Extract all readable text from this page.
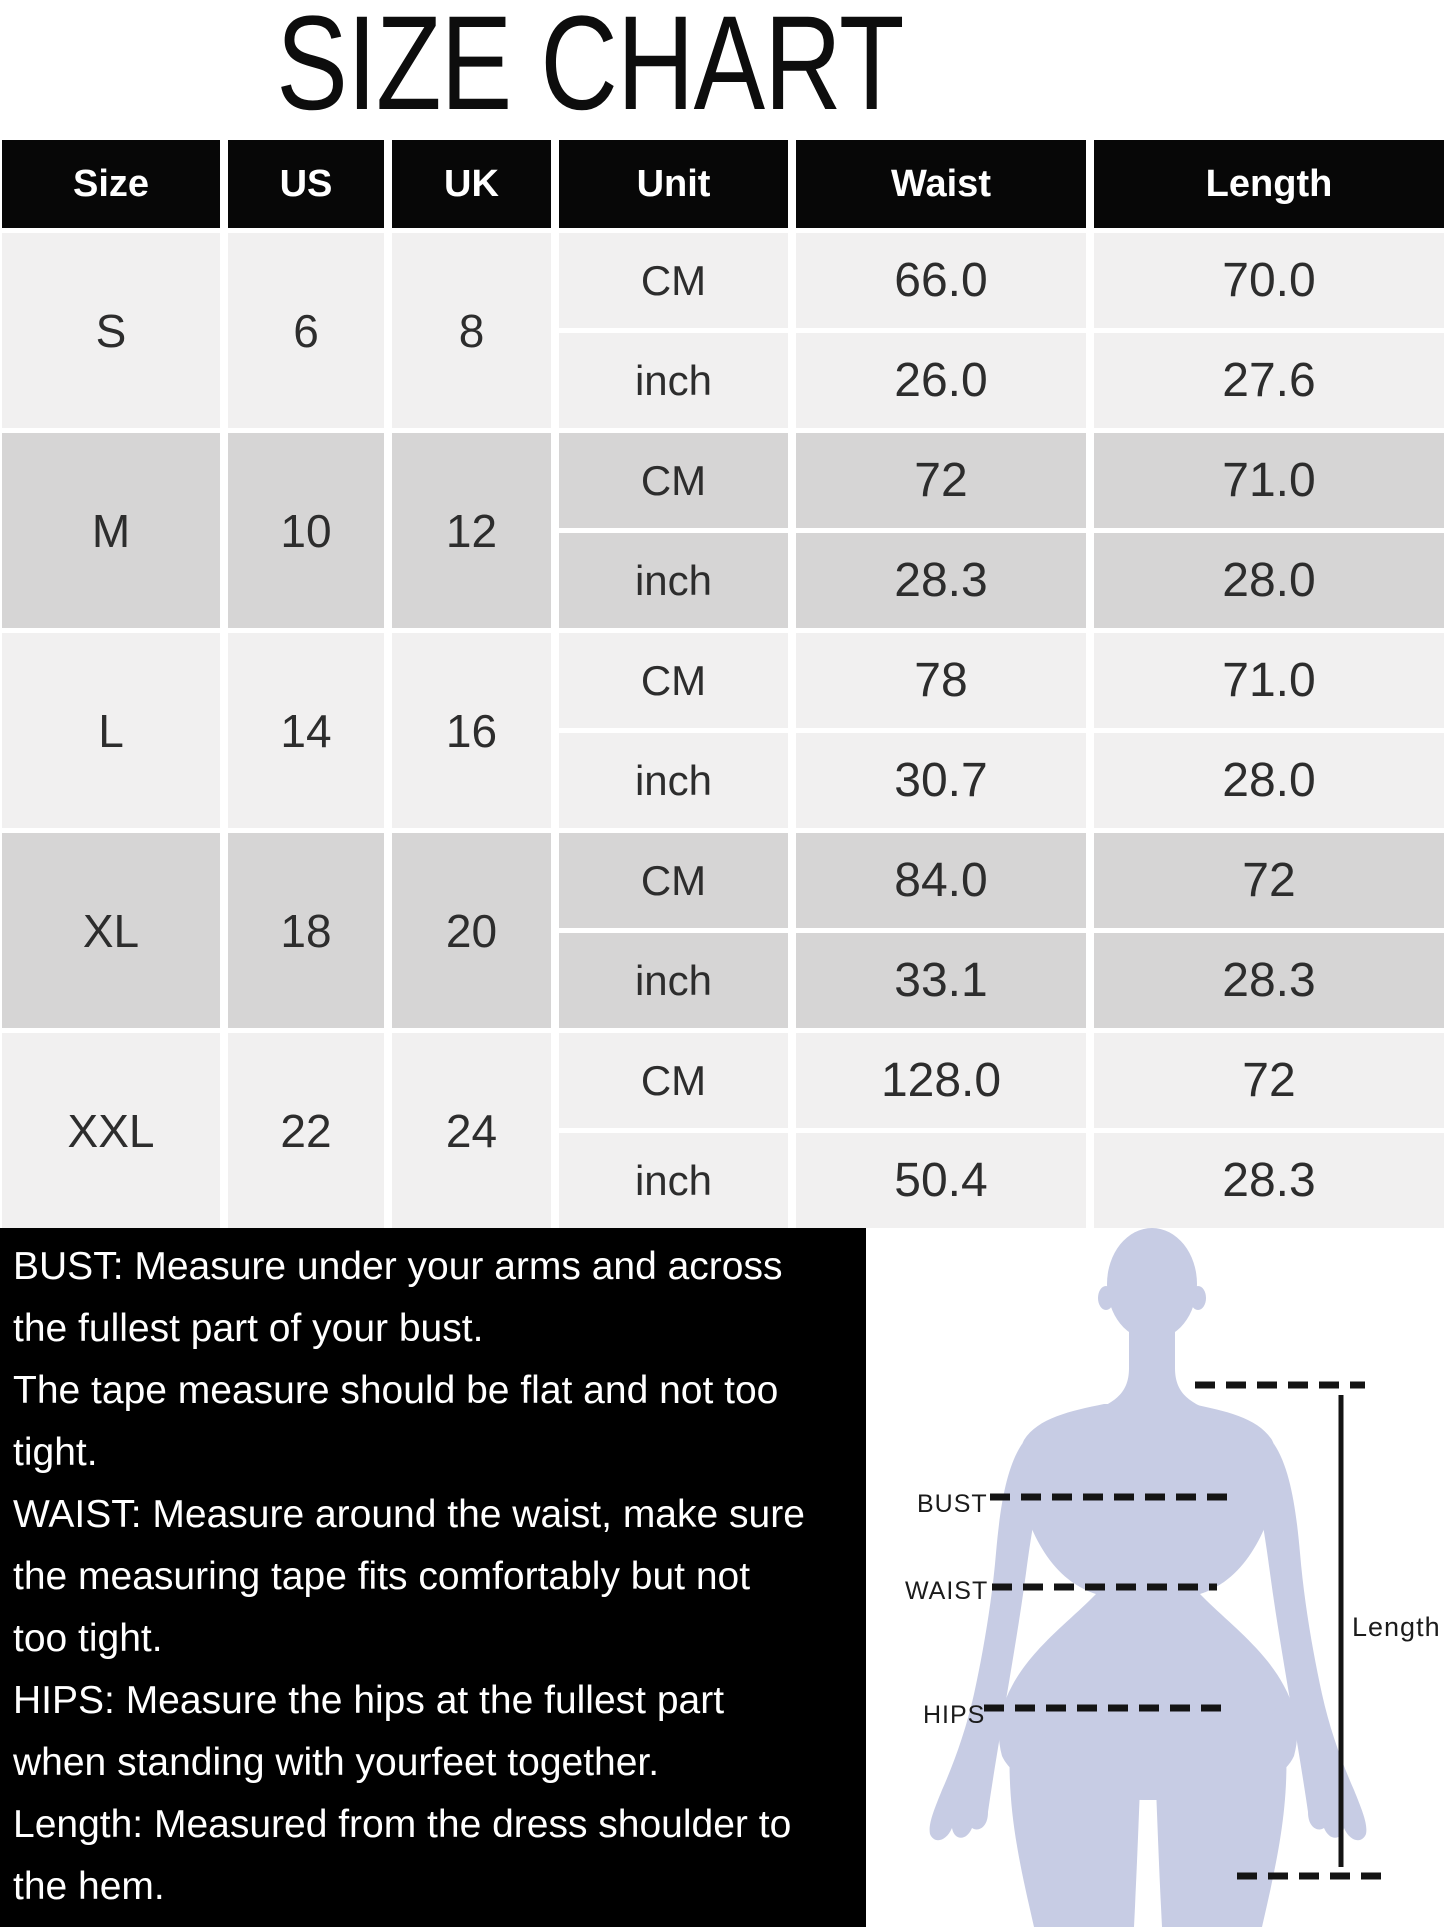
SIZE CHART
Size	US	UK	Unit	Waist	Length
S	6	8
CM	66.0	70.0
inch	26.0	27.6
M	10	12
CM	72	71.0
inch	28.3	28.0
L	14	16
CM	78	71.0
inch	30.7	28.0
XL	18	20
CM	84.0	72
inch	33.1	28.3
XXL	22	24
CM	128.0	72
inch	50.4	28.3
BUST: Measure under your arms and across
the fullest part of your bust.
The tape measure should be flat and not too
tight.
WAIST: Measure around the waist, make sure
the measuring tape fits comfortably but not
too tight.
HIPS: Measure the hips at the fullest part
when standing with yourfeet together.
Length: Measured from the dress shoulder to
the hem.
BUST
WAIST
HIPS
Length
